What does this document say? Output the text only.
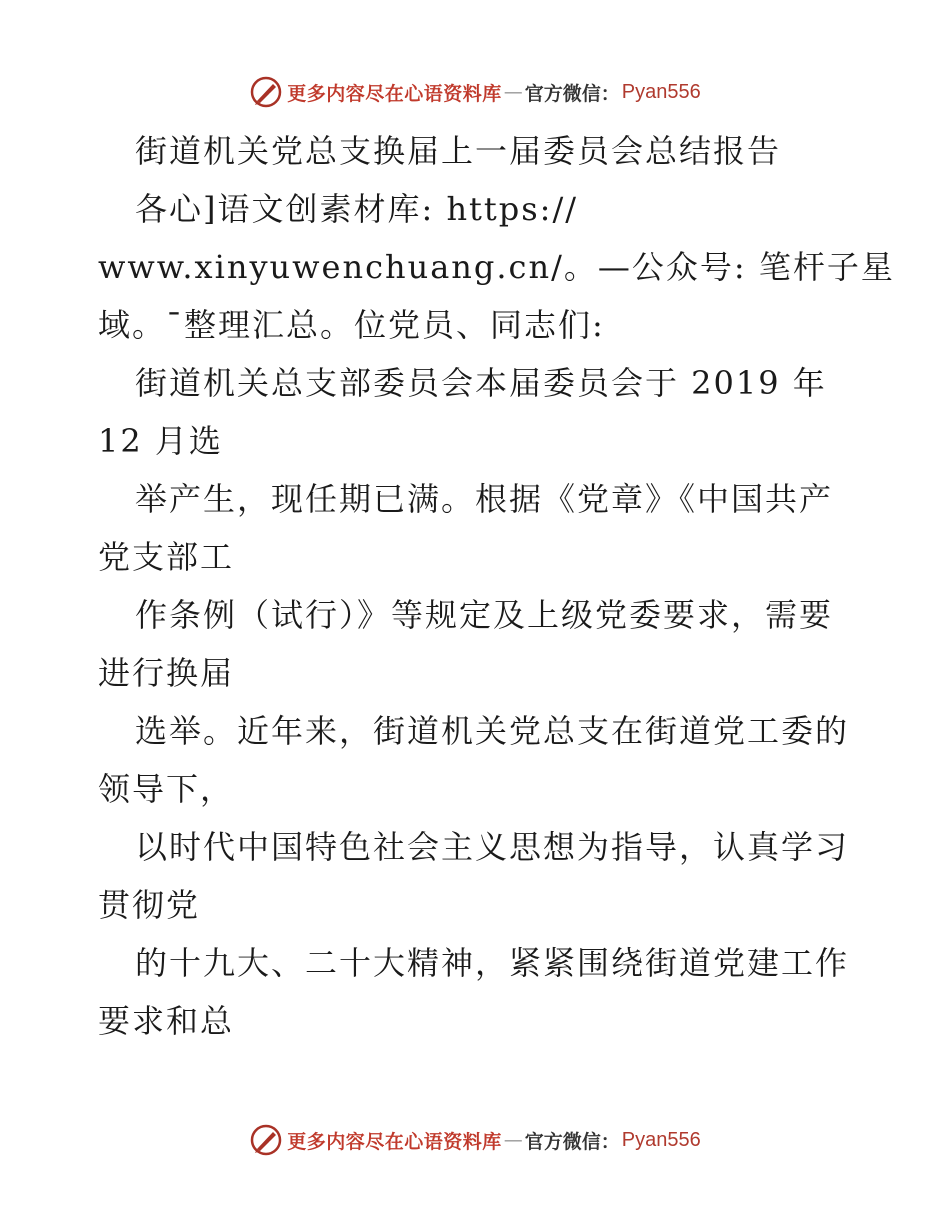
更多内容尽在心语资料库 — 官方微信： Pyan556
街道机关党总支换届上一届委员会总结报告
各心]语文创素材库: https://
www.xinyuwenchuang.cn/。—公众号: 笔杆子星
域。¯整理汇总。位党员、同志们:
街道机关总支部委员会本届委员会于 2019 年
12 月选
举产生，现任期已满。根据《党章》《中国共产
党支部工
作条例（试行）》等规定及上级党委要求，需要
进行换届
选举。近年来，街道机关党总支在街道党工委的
领导下，
以时代中国特色社会主义思想为指导，认真学习
贯彻党
的十九大、二十大精神，紧紧围绕街道党建工作
要求和总
更多内容尽在心语资料库 — 官方微信： Pyan556
